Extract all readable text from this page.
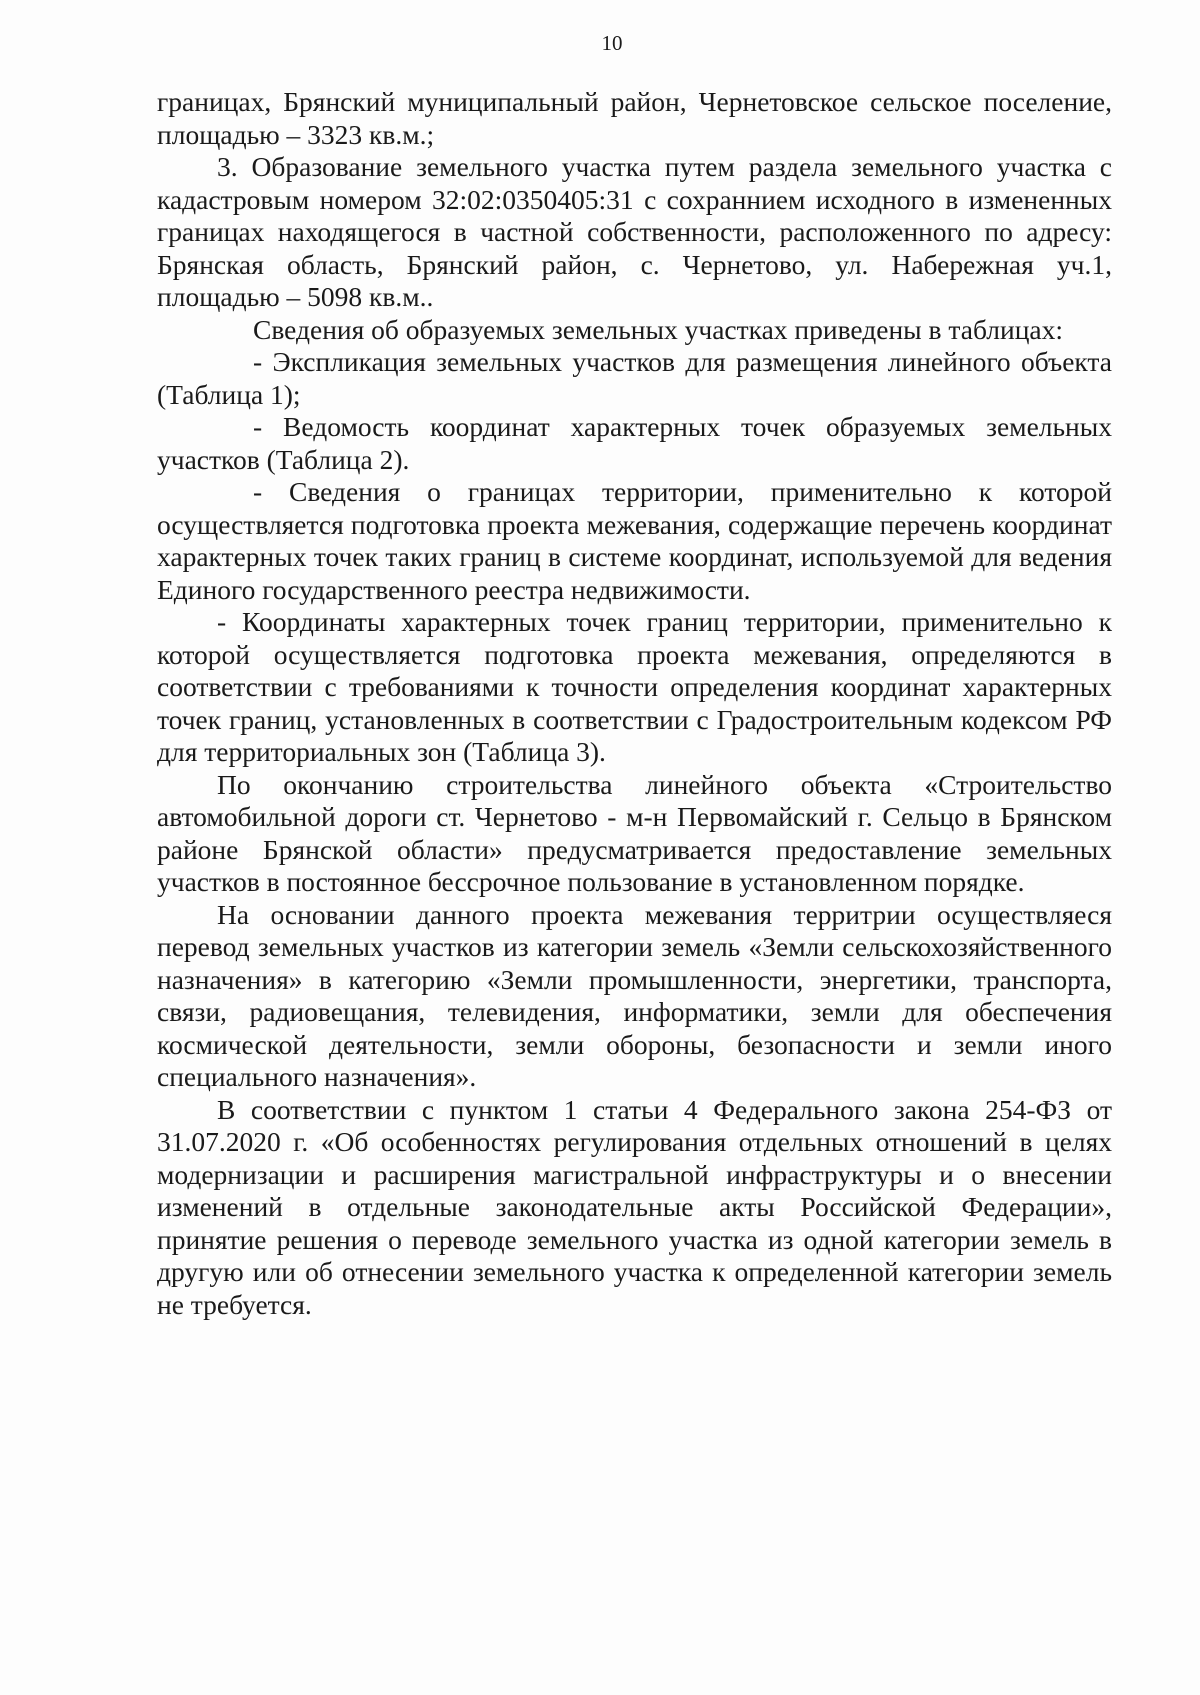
10

границах, Брянский муниципальный район, Чернетовское сельское поселение, площадью – 3323 кв.м.;

3. Образование земельного участка путем раздела земельного участка с кадастровым номером 32:02:0350405:31 с сохраннием исходного в измененных границах находящегося в частной собственности, расположенного по адресу: Брянская область, Брянский район, с. Чернетово, ул. Набережная уч.1, площадью – 5098 кв.м..

Сведения об образуемых земельных участках приведены в таблицах:

- Экспликация земельных участков для размещения линейного объекта (Таблица 1);

- Ведомость координат характерных точек образуемых земельных участков (Таблица 2).

- Сведения о границах территории, применительно к которой осуществляется подготовка проекта межевания, содержащие перечень координат характерных точек таких границ в системе координат, используемой для ведения Единого государственного реестра недвижимости.

- Координаты характерных точек границ территории, применительно к которой осуществляется подготовка проекта межевания, определяются в соответствии с требованиями к точности определения координат характерных точек границ, установленных в соответствии с Градостроительным кодексом РФ для территориальных зон (Таблица 3).

По окончанию строительства линейного объекта «Строительство автомобильной дороги ст. Чернетово - м-н Первомайский г. Сельцо в Брянском районе Брянской области» предусматривается предоставление земельных участков в постоянное бессрочное пользование в установленном порядке.

На основании данного проекта межевания территрии осуществляеся перевод земельных участков из категории земель «Земли сельскохозяйственного назначения» в категорию «Земли промышленности, энергетики, транспорта, связи, радиовещания, телевидения, информатики, земли для обеспечения космической деятельности, земли обороны, безопасности и земли иного специального назначения».

В соответствии с пунктом 1 статьи 4 Федерального закона 254-ФЗ от 31.07.2020 г. «Об особенностях регулирования отдельных отношений в целях модернизации и расширения магистральной инфраструктуры и о внесении изменений в отдельные законодательные акты Российской Федерации», принятие решения о переводе земельного участка из одной категории земель в другую или об отнесении земельного участка к определенной категории земель не требуется.
